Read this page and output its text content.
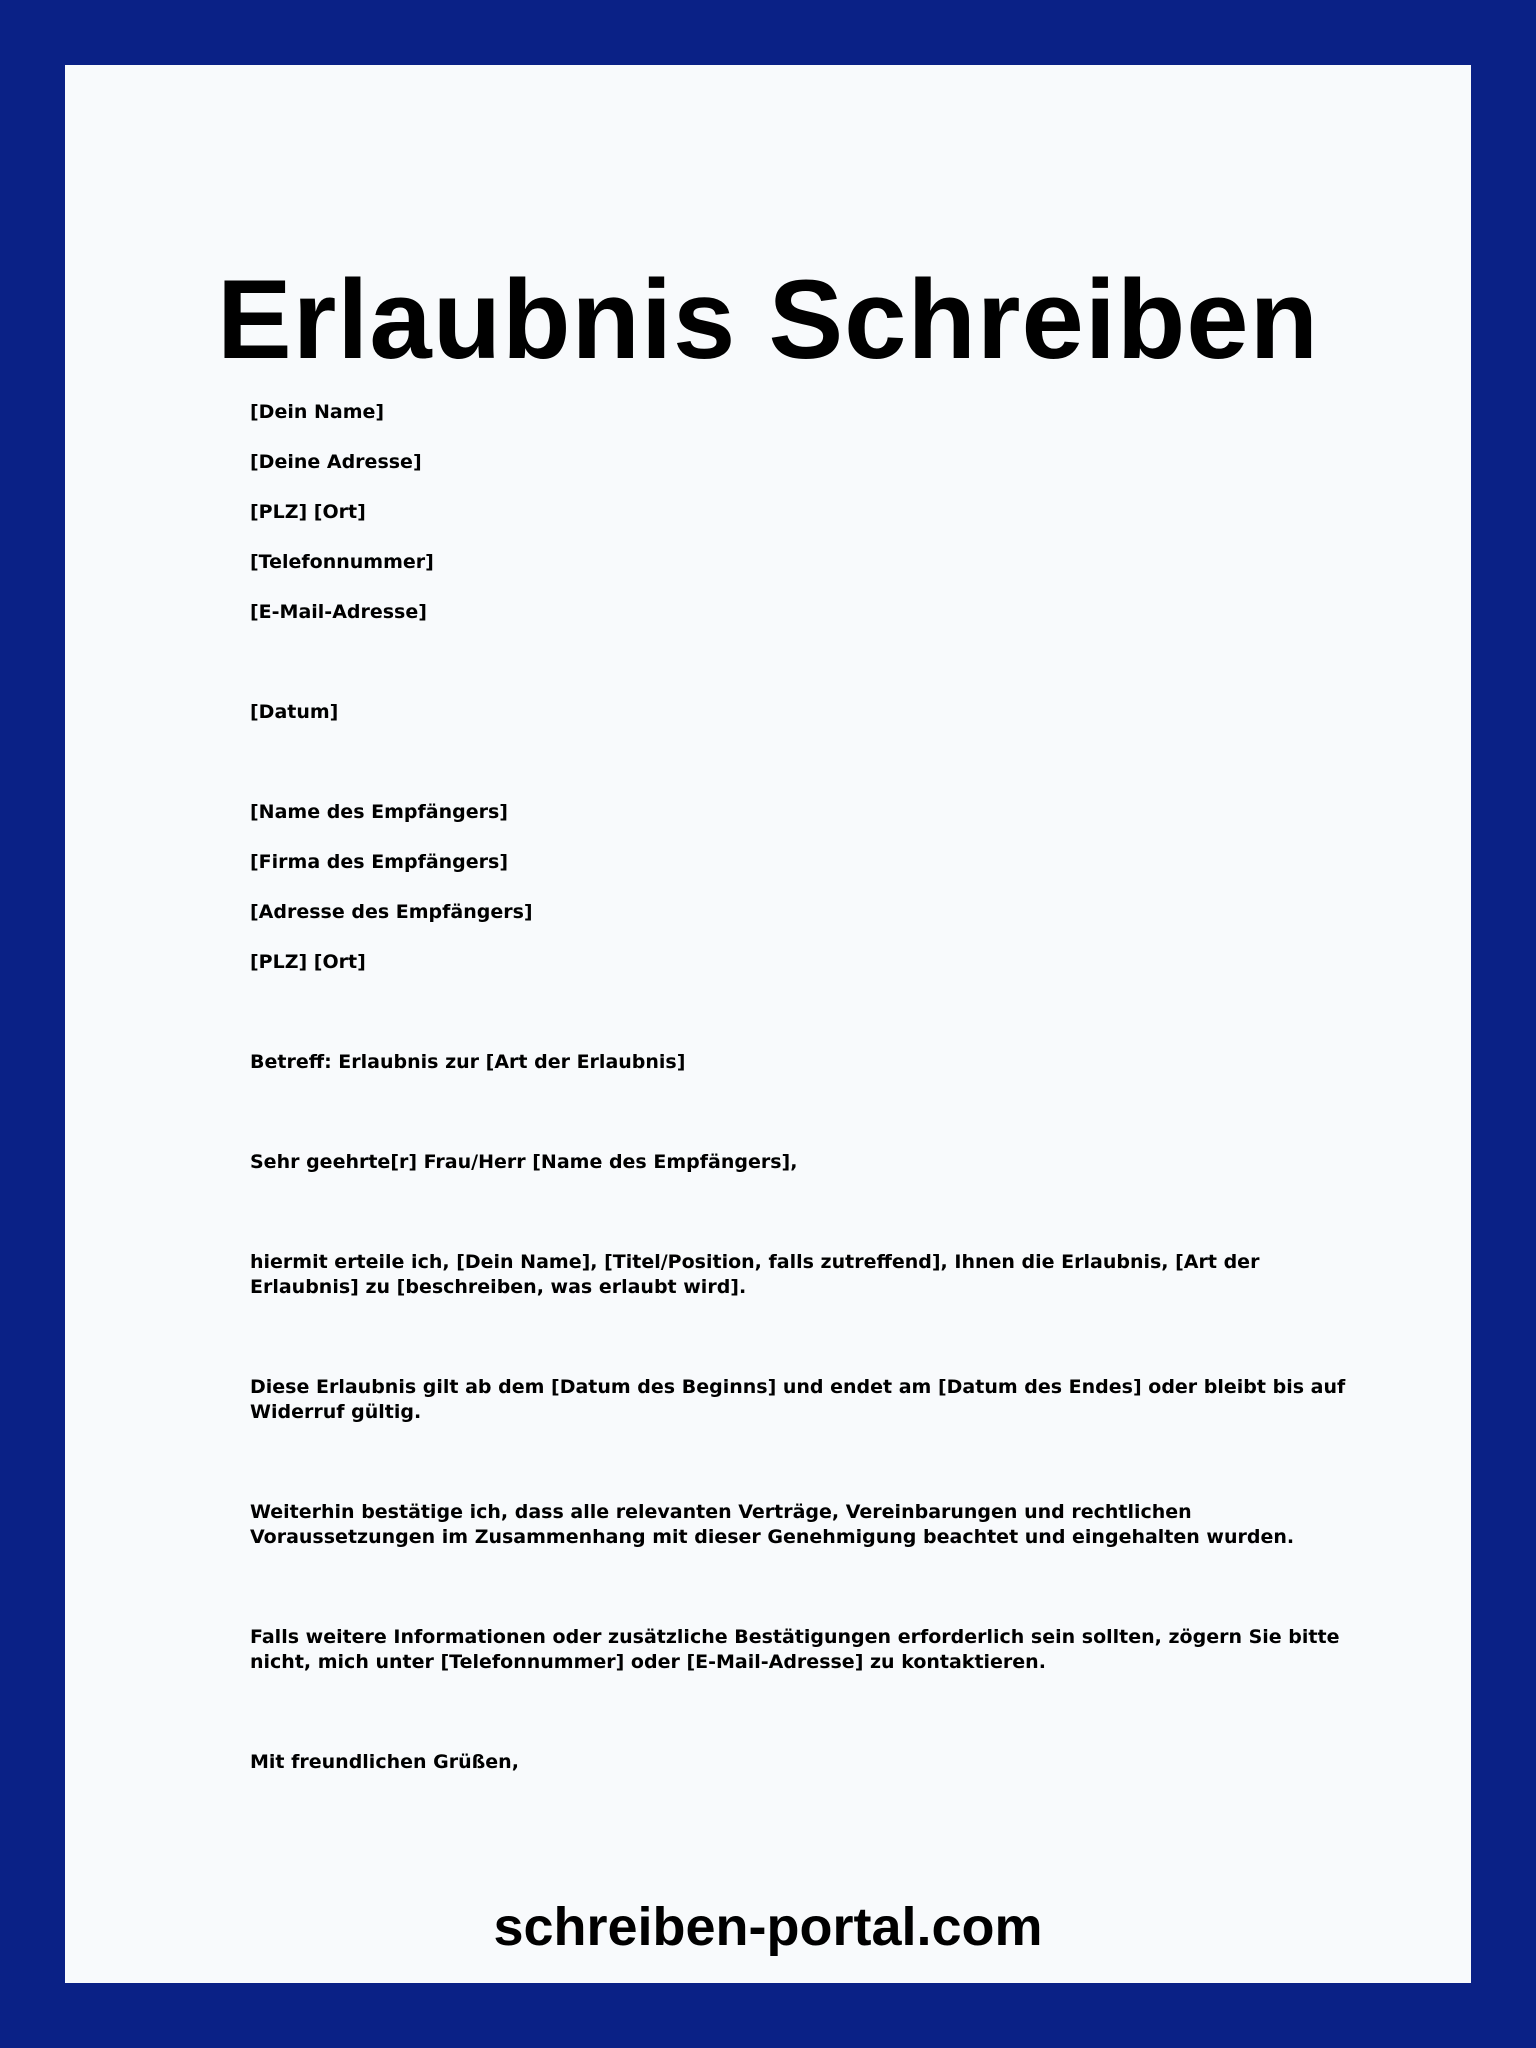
Erlaubnis Schreiben

[Dein Name]

[Deine Adresse]

[PLZ] [Ort]

[Telefonnummer]

[E-Mail-Adresse]

[Datum]

[Name des Empfängers]

[Firma des Empfängers]

[Adresse des Empfängers]

[PLZ] [Ort]

Betreff: Erlaubnis zur [Art der Erlaubnis]

Sehr geehrte[r] Frau/Herr [Name des Empfängers],

hiermit erteile ich, [Dein Name], [Titel/Position, falls zutreffend], Ihnen die Erlaubnis, [Art der Erlaubnis] zu [beschreiben, was erlaubt wird].

Diese Erlaubnis gilt ab dem [Datum des Beginns] und endet am [Datum des Endes] oder bleibt bis auf Widerruf gültig.

Weiterhin bestätige ich, dass alle relevanten Verträge, Vereinbarungen und rechtlichen Voraussetzungen im Zusammenhang mit dieser Genehmigung beachtet und eingehalten wurden.

Falls weitere Informationen oder zusätzliche Bestätigungen erforderlich sein sollten, zögern Sie bitte nicht, mich unter [Telefonnummer] oder [E-Mail-Adresse] zu kontaktieren.

Mit freundlichen Grüßen,

schreiben-portal.com
